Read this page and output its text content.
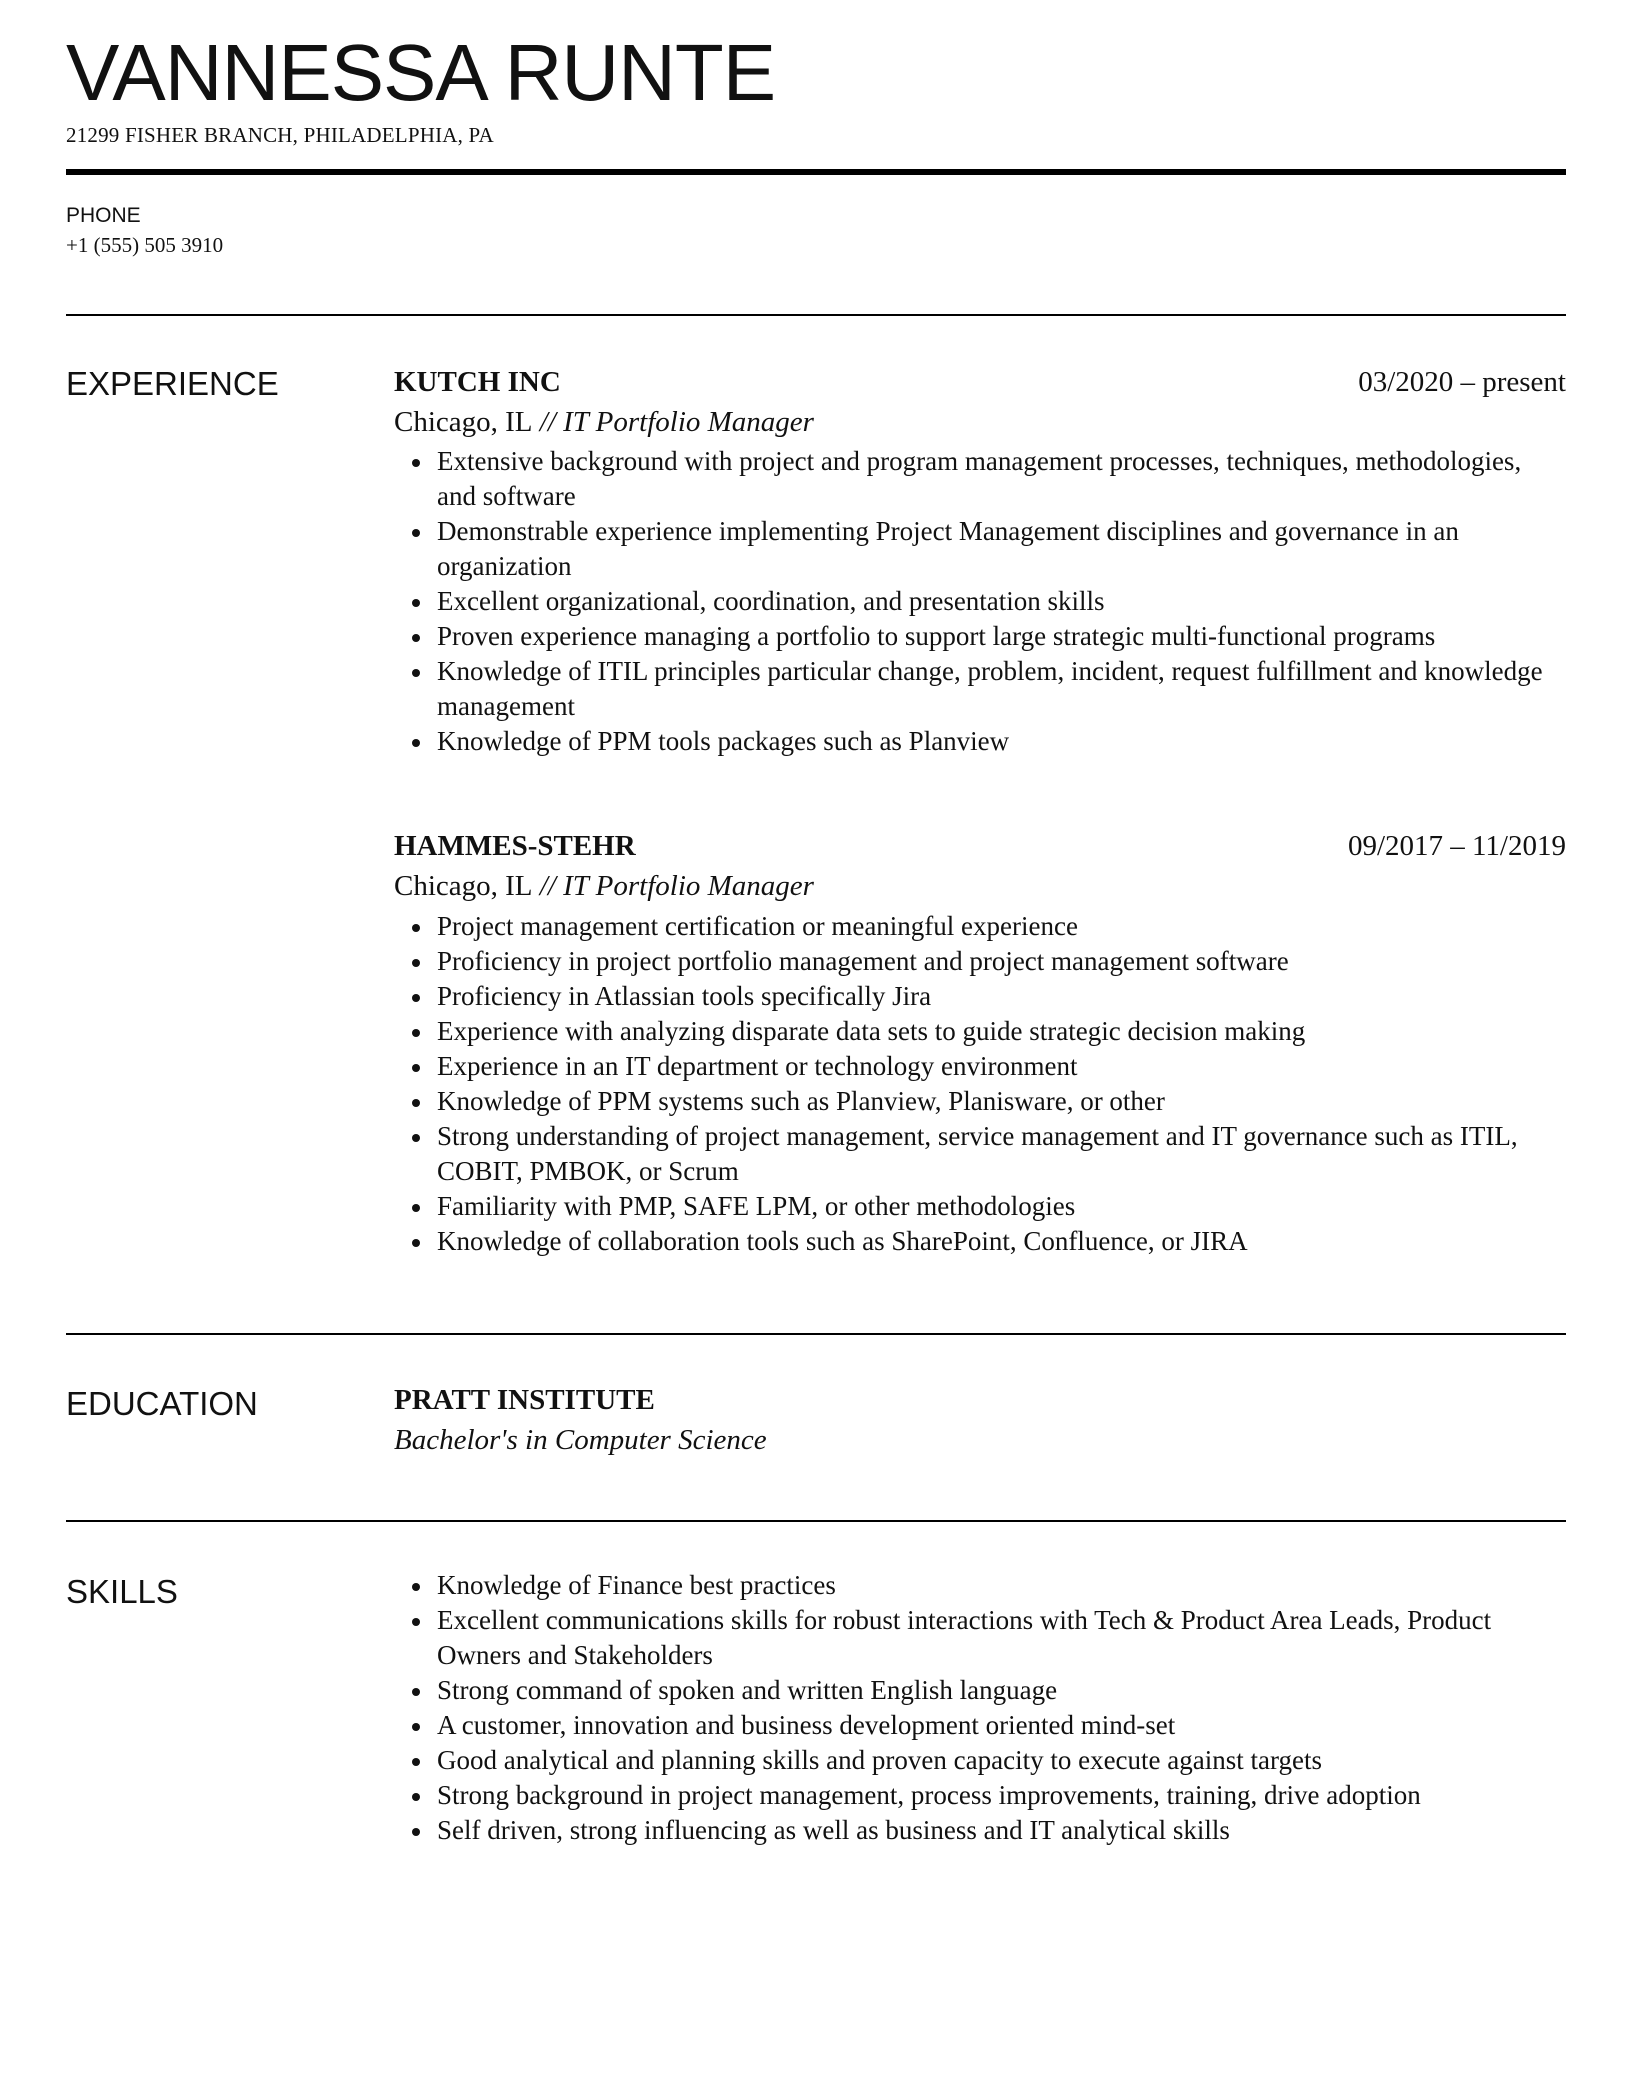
VANNESSA RUNTE
21299 FISHER BRANCH, PHILADELPHIA, PA
PHONE
+1 (555) 505 3910
EXPERIENCE	KUTCH INC	03/2020 – present
Chicago, IL // IT Portfolio Manager
Extensive background with project and program management processes, techniques, methodologies, and software
Demonstrable experience implementing Project Management disciplines and governance in an organization
Excellent organizational, coordination, and presentation skills
Proven experience managing a portfolio to support large strategic multi-functional programs
Knowledge of ITIL principles particular change, problem, incident, request fulfillment and knowledge management
Knowledge of PPM tools packages such as Planview
HAMMES-STEHR	09/2017 – 11/2019
Chicago, IL // IT Portfolio Manager
Project management certification or meaningful experience
Proficiency in project portfolio management and project management software
Proficiency in Atlassian tools specifically Jira
Experience with analyzing disparate data sets to guide strategic decision making
Experience in an IT department or technology environment
Knowledge of PPM systems such as Planview, Planisware, or other
Strong understanding of project management, service management and IT governance such as ITIL, COBIT, PMBOK, or Scrum
Familiarity with PMP, SAFE LPM, or other methodologies
Knowledge of collaboration tools such as SharePoint, Confluence, or JIRA
EDUCATION	PRATT INSTITUTE
Bachelor's in Computer Science
SKILLS	Knowledge of Finance best practices
Excellent communications skills for robust interactions with Tech & Product Area Leads, Product Owners and Stakeholders
Strong command of spoken and written English language
A customer, innovation and business development oriented mind-set
Good analytical and planning skills and proven capacity to execute against targets
Strong background in project management, process improvements, training, drive adoption
Self driven, strong influencing as well as business and IT analytical skills
